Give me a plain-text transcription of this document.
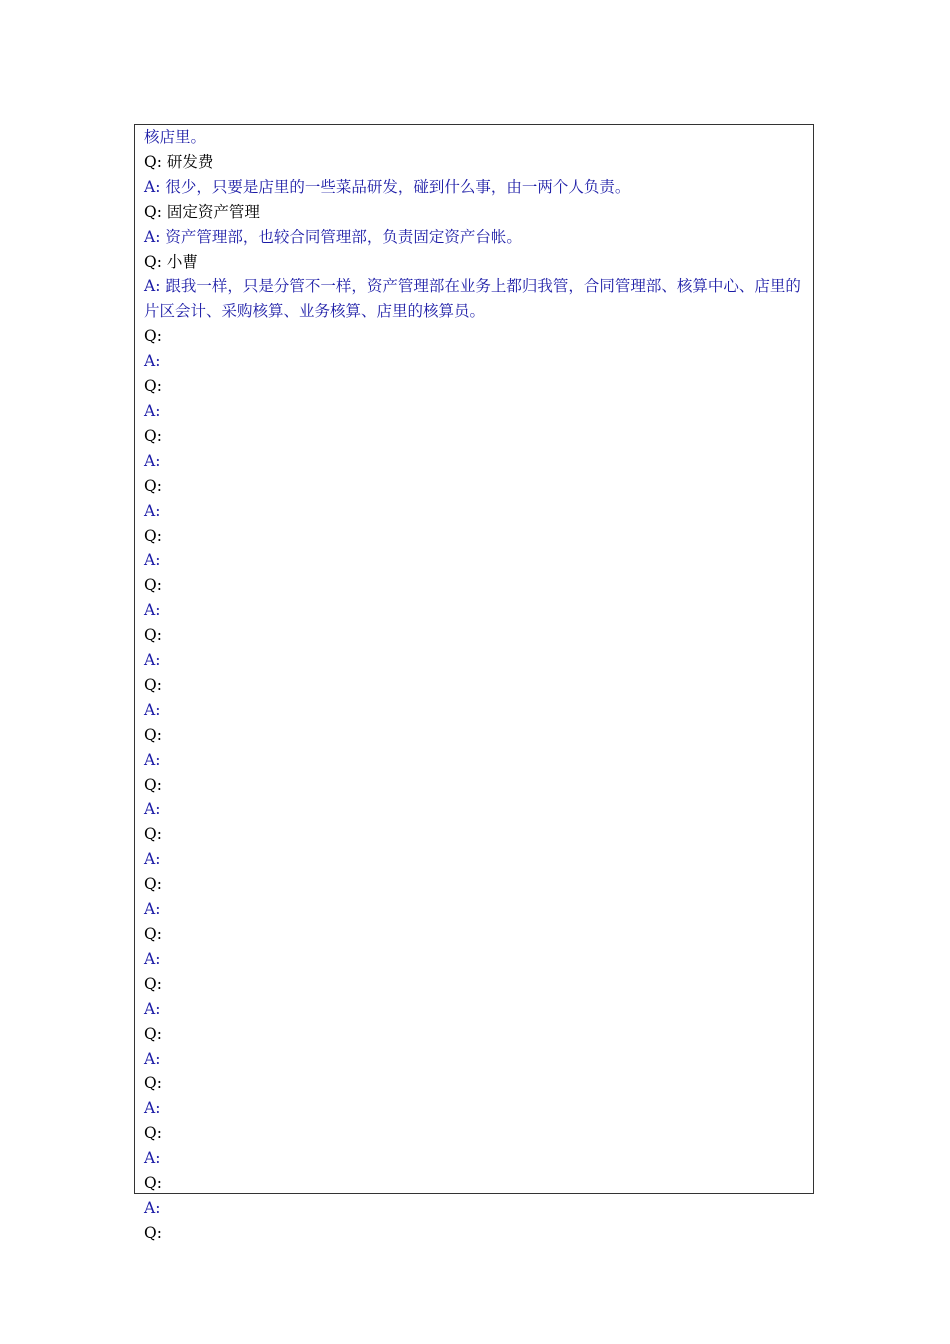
核店里。
Q: 研发费
A: 很少，只要是店里的一些菜品研发，碰到什么事，由一两个人负责。
Q: 固定资产管理
A: 资产管理部，也较合同管理部，负责固定资产台帐。
Q: 小曹
A: 跟我一样，只是分管不一样，资产管理部在业务上都归我管，合同管理部、核算中心、店里的片区会计、采购核算、业务核算、店里的核算员。
Q:
A:
Q:
A:
Q:
A:
Q:
A:
Q:
A:
Q:
A:
Q:
A:
Q:
A:
Q:
A:
Q:
A:
Q:
A:
Q:
A:
Q:
A:
Q:
A:
Q:
A:
Q:
A:
Q:
A:
Q:
A:
Q:
